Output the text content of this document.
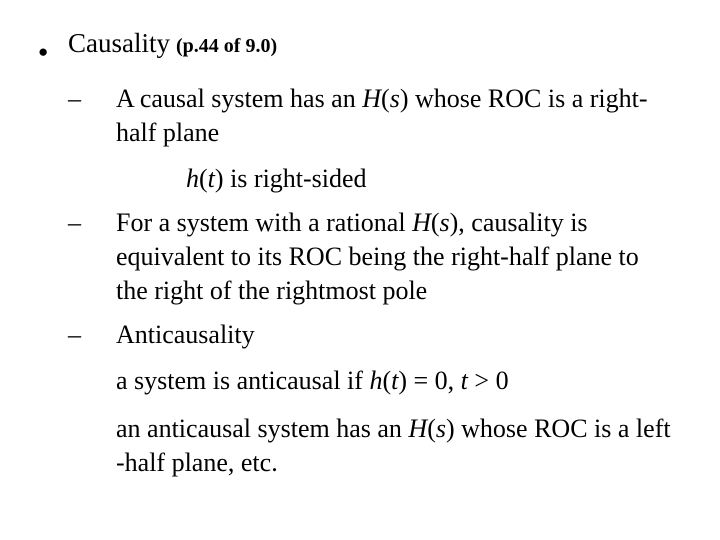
● Causality (p.44 of 9.0)
– A causal system has an H(s) whose ROC is a right-
half plane
h(t) is right-sided
– For a system with a rational H(s), causality is
equivalent to its ROC being the right-half plane to
the right of the rightmost pole
– Anticausality
a system is anticausal if h(t) = 0, t > 0
an anticausal system has an H(s) whose ROC is a left
-half plane, etc.
